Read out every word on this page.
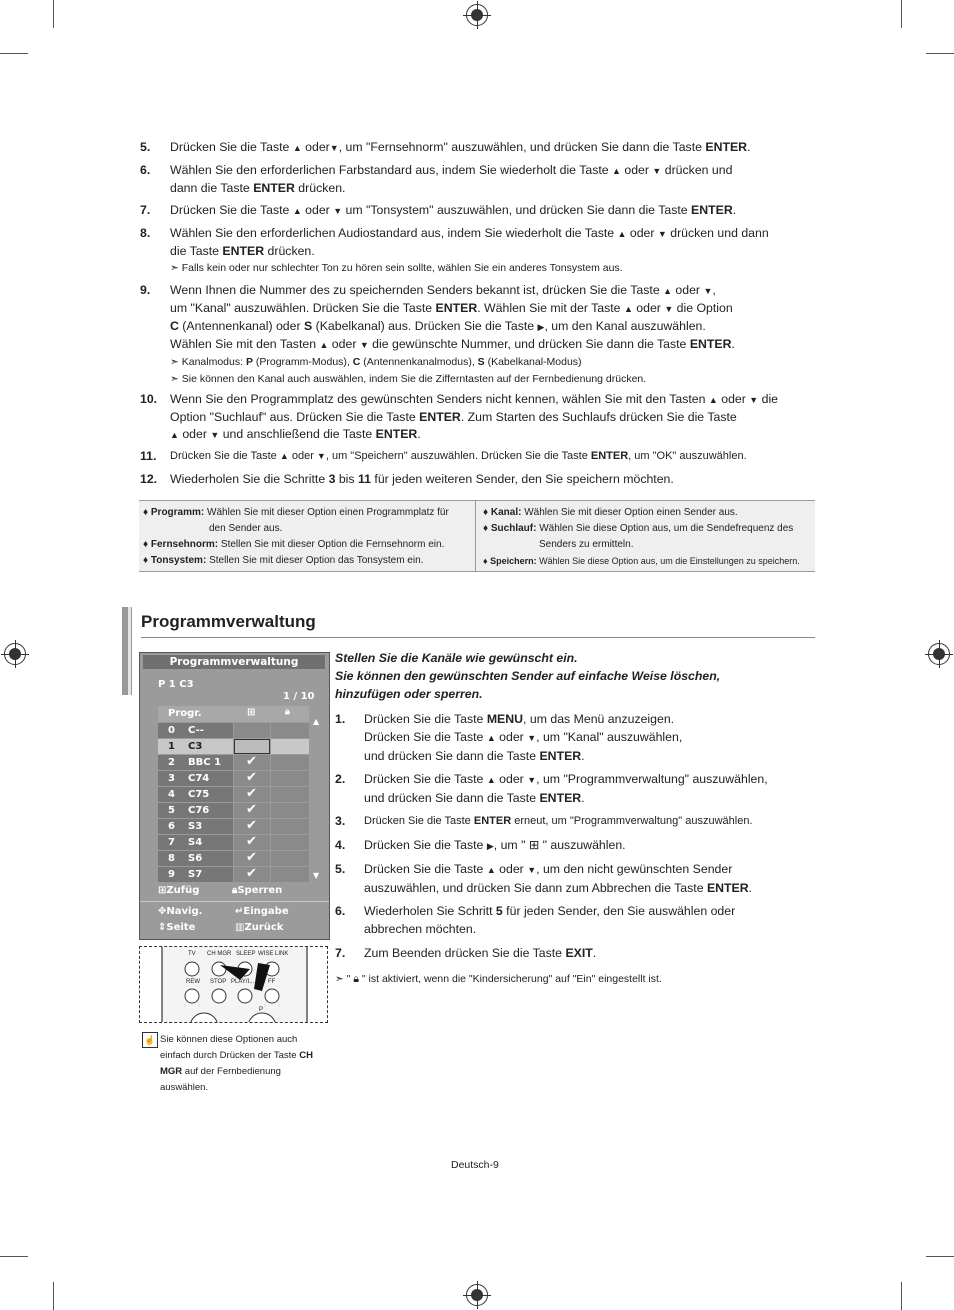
5. Drücken Sie die Taste ▲ oder▼, um "Fernsehnorm" auszuwählen, und drücken Sie dann die Taste ENTER.
6. Wählen Sie den erforderlichen Farbstandard aus, indem Sie wiederholt die Taste ▲ oder ▼ drücken und
dann die Taste ENTER drücken.
7. Drücken Sie die Taste ▲ oder ▼ um "Tonsystem" auszuwählen, und drücken Sie dann die Taste ENTER.
8. Wählen Sie den erforderlichen Audiostandard aus, indem Sie wiederholt die Taste ▲ oder ▼ drücken und dann
die Taste ENTER drücken.
➣ Falls kein oder nur schlechter Ton zu hören sein sollte, wählen Sie ein anderes Tonsystem aus.
9. Wenn Ihnen die Nummer des zu speichernden Senders bekannt ist, drücken Sie die Taste ▲ oder ▼,
um "Kanal" auszuwählen. Drücken Sie die Taste ENTER. Wählen Sie mit der Taste ▲ oder ▼ die Option
C (Antennenkanal) oder S (Kabelkanal) aus. Drücken Sie die Taste ▶, um den Kanal auszuwählen.
Wählen Sie mit den Tasten ▲ oder ▼ die gewünschte Nummer, und drücken Sie dann die Taste ENTER.
➣ Kanalmodus: P (Programm-Modus), C (Antennenkanalmodus), S (Kabelkanal-Modus)
➣ Sie können den Kanal auch auswählen, indem Sie die Zifferntasten auf der Fernbedienung drücken.
10. Wenn Sie den Programmplatz des gewünschten Senders nicht kennen, wählen Sie mit den Tasten ▲ oder ▼ die
Option "Suchlauf" aus. Drücken Sie die Taste ENTER. Zum Starten des Suchlaufs drücken Sie die Taste
▲ oder ▼ und anschließend die Taste ENTER.
11. Drücken Sie die Taste ▲ oder ▼, um "Speichern" auszuwählen. Drücken Sie die Taste ENTER, um "OK" auszuwählen.
12. Wiederholen Sie die Schritte 3 bis 11 für jeden weiteren Sender, den Sie speichern möchten.
♦ Programm: Wählen Sie mit dieser Option einen Programmplatz für
den Sender aus.
♦ Fernsehnorm: Stellen Sie mit dieser Option die Fernsehnorm ein.
♦ Tonsystem: Stellen Sie mit dieser Option das Tonsystem ein.
♦ Kanal: Wählen Sie mit dieser Option einen Sender aus.
♦ Suchlauf: Wählen Sie diese Option aus, um die Sendefrequenz des
Senders zu ermitteln.
♦ Speichern: Wählen Sie diese Option aus, um die Einstellungen zu speichern.
Programmverwaltung
Programmverwaltung
P 1 C3
1 / 10
Progr.	⊞	🔒︎
▲
▼
0 C--
1 C3
2 BBC 1 ✔
3 C74	✔
4 C75	✔
5 C76	✔
6 S3	✔
7 S4	✔
8 S6	✔
9 S7	✔
⊞Zufüg	🔒︎Sperren
✥Navig.	↵Eingabe
⇕Seite	▥Zurück
TV CH MGR SLEEP WISE LINK
REW STOP PLAY/I... FF
P
☝ Sie können diese Optionen auch einfach durch Drücken der Taste CH MGR auf der Fernbedienung auswählen.
Stellen Sie die Kanäle wie gewünscht ein.
Sie können den gewünschten Sender auf einfache Weise löschen,
hinzufügen oder sperren.
1. Drücken Sie die Taste MENU, um das Menü anzuzeigen.
Drücken Sie die Taste ▲ oder ▼, um "Kanal" auszuwählen,
und drücken Sie dann die Taste ENTER.
2. Drücken Sie die Taste ▲ oder ▼, um "Programmverwaltung" auszuwählen,
und drücken Sie dann die Taste ENTER.
3. Drücken Sie die Taste ENTER erneut, um "Programmverwaltung" auszuwählen.
4. Drücken Sie die Taste ▶, um " ⊞ " auszuwählen.
5. Drücken Sie die Taste ▲ oder ▼, um den nicht gewünschten Sender
auszuwählen, und drücken Sie dann zum Abbrechen die Taste ENTER.
6. Wiederholen Sie Schritt 5 für jeden Sender, den Sie auswählen oder
abbrechen möchten.
7. Zum Beenden drücken Sie die Taste EXIT.
➣ " 🔒︎ " ist aktiviert, wenn die "Kindersicherung" auf "Ein" eingestellt ist.
Deutsch-9
